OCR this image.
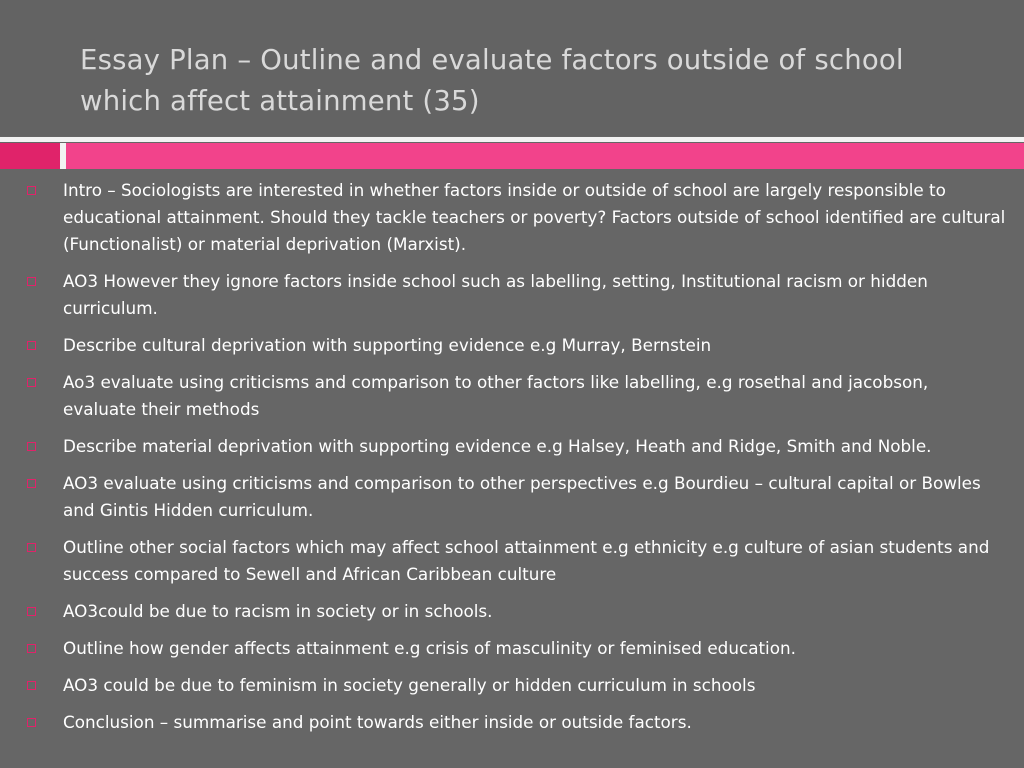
Essay Plan – Outline and evaluate factors outside of school which affect attainment (35)
Intro – Sociologists are interested in whether factors inside or outside of school are largely responsible to educational attainment. Should they tackle teachers or poverty? Factors outside of school identified are cultural (Functionalist) or material deprivation (Marxist).
AO3 However they ignore factors inside school such as labelling, setting, Institutional racism or hidden curriculum.
Describe cultural deprivation with supporting evidence e.g Murray, Bernstein
Ao3 evaluate using criticisms and comparison to other factors like labelling, e.g rosethal and jacobson, evaluate their methods
Describe material deprivation with supporting evidence e.g Halsey, Heath and Ridge, Smith and Noble.
AO3 evaluate using criticisms and comparison to other perspectives e.g Bourdieu – cultural capital or Bowles and Gintis Hidden curriculum.
Outline other social factors which may affect school attainment e.g ethnicity e.g culture of asian students and success compared to Sewell and African Caribbean culture
AO3could be due to racism in society or in schools.
Outline how gender affects attainment e.g crisis of masculinity or feminised education.
AO3 could be due to feminism in society generally or hidden curriculum in schools
Conclusion – summarise and point towards either inside or outside factors.
